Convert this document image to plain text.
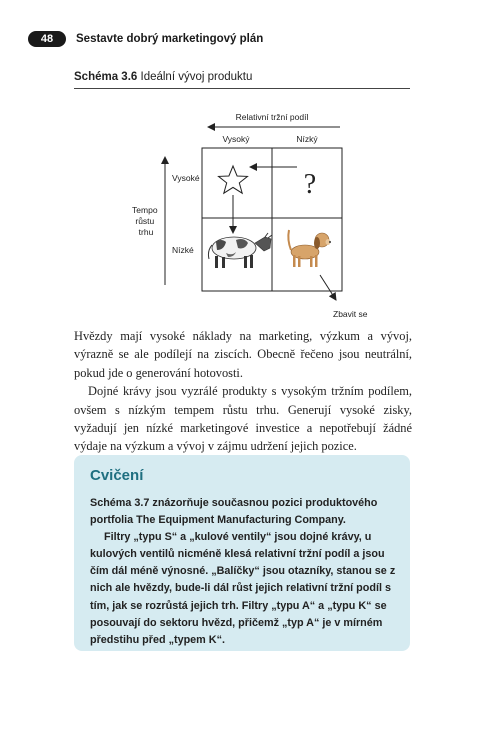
48	Sestavte dobrý marketingový plán
Schéma 3.6 Ideální vývoj produktu
Relativní tržní podíl
Vysoký	Nízký
Tempo růstu trhu
Vysoké
Nízké
?
Zbavit se

Hvězdy mají vysoké náklady na marketing, výzkum a vývoj, výrazně se ale podílejí na ziscích. Obecně řečeno jsou neutrální, pokud jde o generování hotovosti.

Dojné krávy jsou vyzrálé produkty s vysokým tržním podílem, ovšem s nízkým tempem růstu trhu. Generují vysoké zisky, vyžadují jen nízké marketingové investice a nepotřebují žádné výdaje na výzkum a vývoj v zájmu udržení jejich pozice.

Cvičení

Schéma 3.7 znázorňuje současnou pozici produktového portfolia The Equipment Manufacturing Company.

Filtry „typu S“ a „kulové ventily“ jsou dojné krávy, u kulových ventilů nicméně klesá relativní tržní podíl a jsou čím dál méně výnosné. „Balíčky“ jsou otazníky, stanou se z nich ale hvězdy, bude-li dál růst jejich relativní tržní podíl s tím, jak se rozrůstá jejich trh. Filtry „typu A“ a „typu K“ se posouvají do sektoru hvězd, přičemž „typ A“ je v mírném předstihu před „typem K“.
